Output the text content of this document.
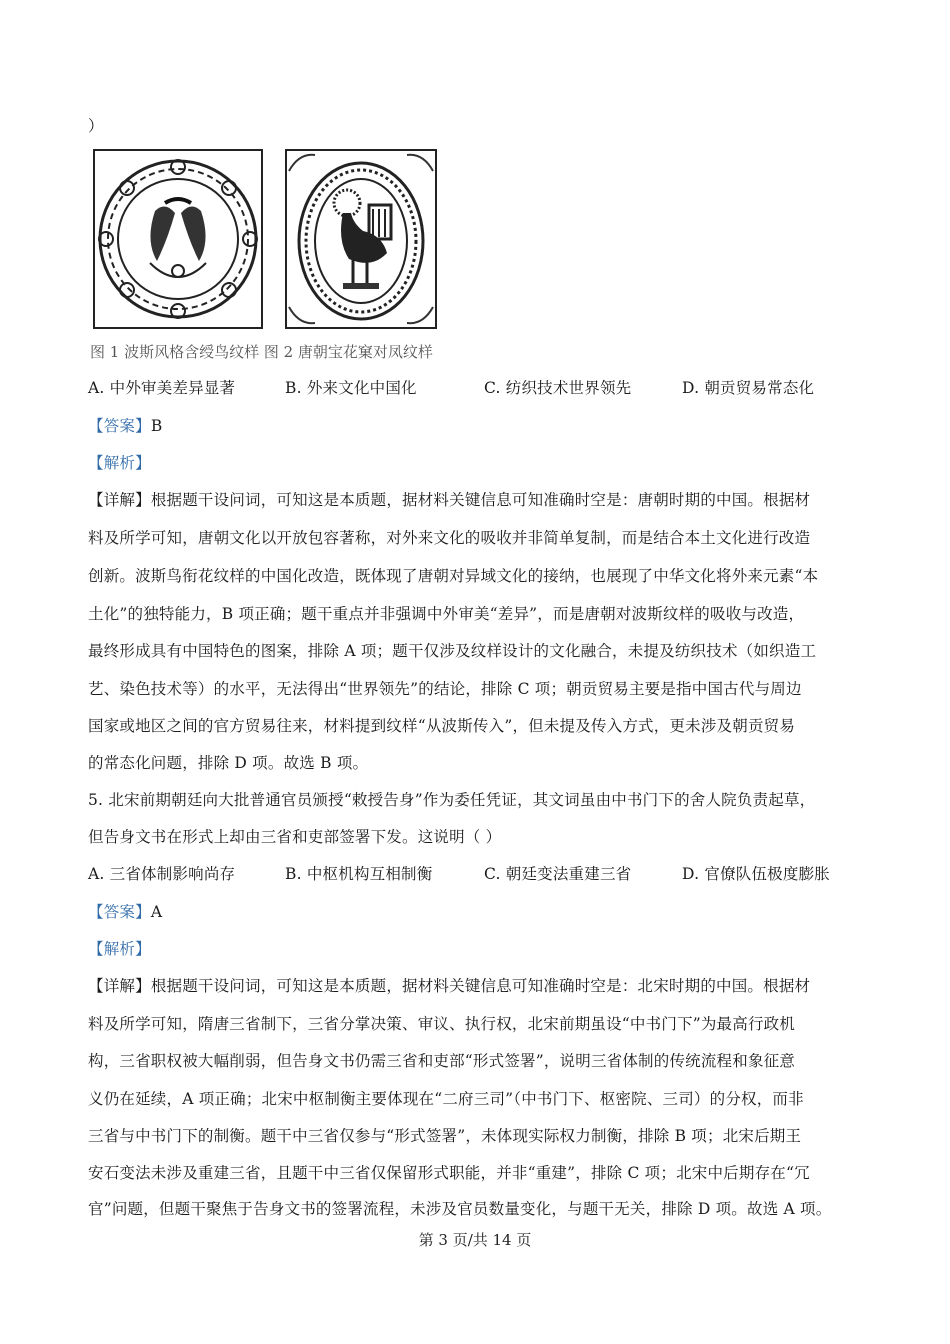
）
图 1 波斯风格含绶鸟纹样 图 2 唐朝宝花窠对凤纹样
A. 中外审美差异显著	B. 外来文化中国化	C. 纺织技术世界领先	D. 朝贡贸易常态化
【答案】B
【解析】
【详解】根据题干设问词，可知这是本质题，据材料关键信息可知准确时空是：唐朝时期的中国。根据材
料及所学可知，唐朝文化以开放包容著称，对外来文化的吸收并非简单复制，而是结合本土文化进行改造
创新。波斯鸟衔花纹样的中国化改造，既体现了唐朝对异域文化的接纳，也展现了中华文化将外来元素“本
土化”的独特能力，B 项正确；题干重点并非强调中外审美“差异”，而是唐朝对波斯纹样的吸收与改造，
最终形成具有中国特色的图案，排除 A 项；题干仅涉及纹样设计的文化融合，未提及纺织技术（如织造工
艺、染色技术等）的水平，无法得出“世界领先”的结论，排除 C 项；朝贡贸易主要是指中国古代与周边
国家或地区之间的官方贸易往来，材料提到纹样“从波斯传入”，但未提及传入方式，更未涉及朝贡贸易
的常态化问题，排除 D 项。故选 B 项。
5. 北宋前期朝廷向大批普通官员颁授“敕授告身”作为委任凭证，其文词虽由中书门下的舍人院负责起草，
但告身文书在形式上却由三省和吏部签署下发。这说明（ ）
A. 三省体制影响尚存	B. 中枢机构互相制衡	C. 朝廷变法重建三省	D. 官僚队伍极度膨胀
【答案】A
【解析】
【详解】根据题干设问词，可知这是本质题，据材料关键信息可知准确时空是：北宋时期的中国。根据材
料及所学可知，隋唐三省制下，三省分掌决策、审议、执行权，北宋前期虽设“中书门下”为最高行政机
构，三省职权被大幅削弱，但告身文书仍需三省和吏部“形式签署”，说明三省体制的传统流程和象征意
义仍在延续，A 项正确；北宋中枢制衡主要体现在“二府三司”（中书门下、枢密院、三司）的分权，而非
三省与中书门下的制衡。题干中三省仅参与“形式签署”，未体现实际权力制衡，排除 B 项；北宋后期王
安石变法未涉及重建三省，且题干中三省仅保留形式职能，并非“重建”，排除 C 项；北宋中后期存在“冗
官”问题，但题干聚焦于告身文书的签署流程，未涉及官员数量变化，与题干无关，排除 D 项。故选 A 项。
第 3 页/共 14 页
